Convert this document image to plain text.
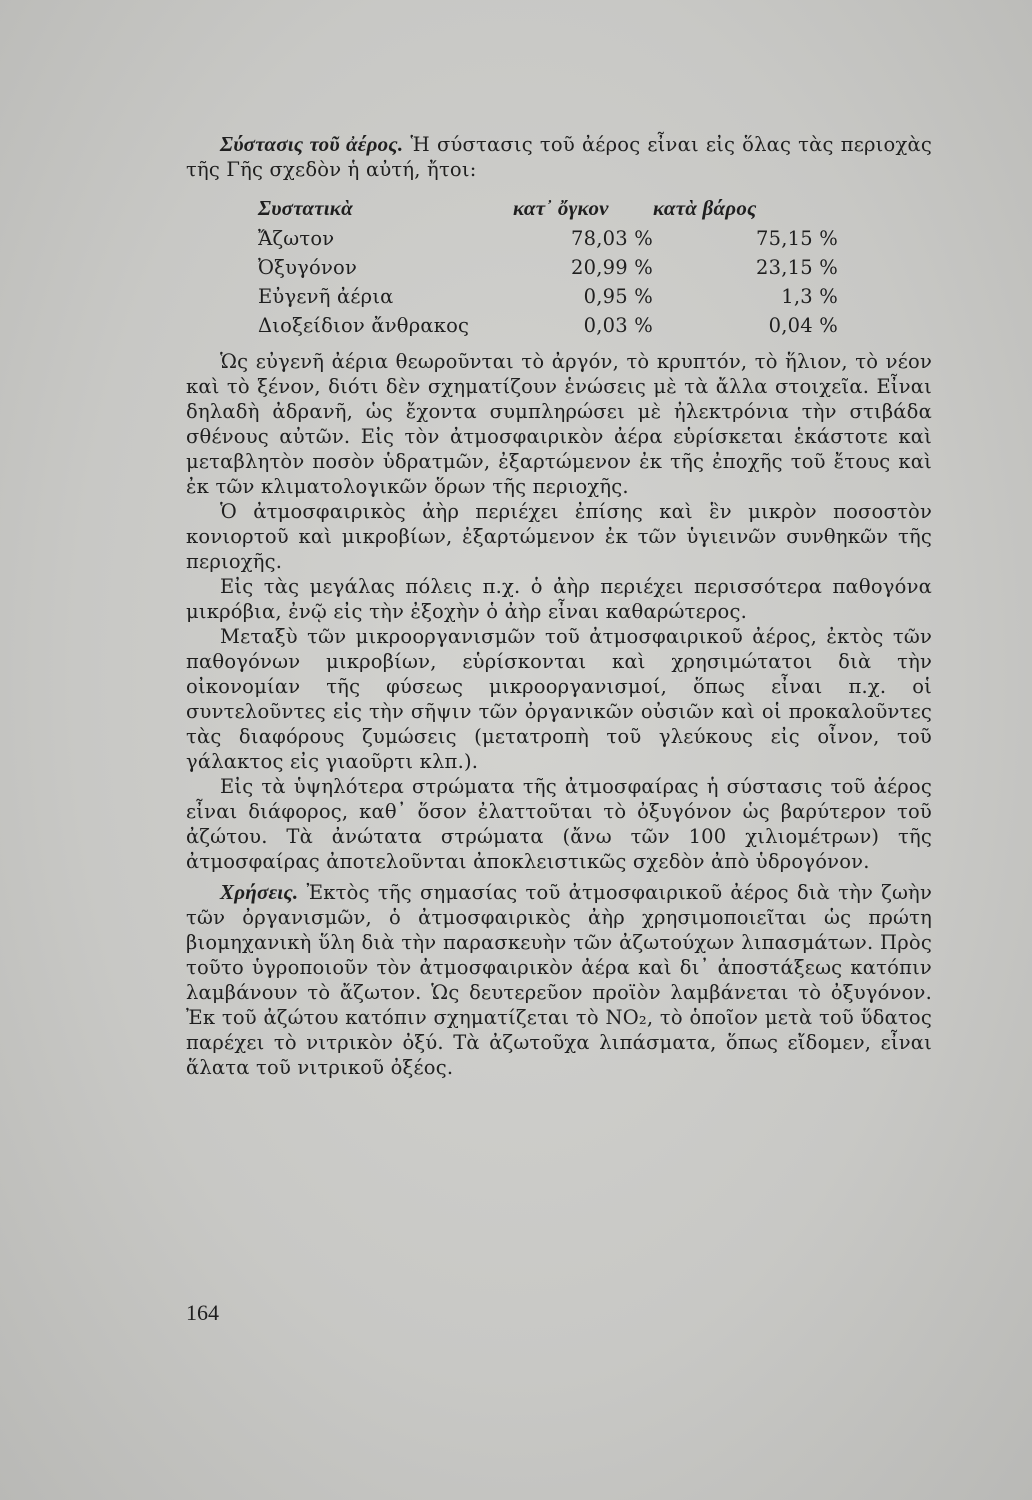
Σύστασις τοῦ ἀέρος. Ἡ σύστασις τοῦ ἀέρος εἶναι εἰς ὅλας τὰς περιοχὰς τῆς Γῆς σχεδὸν ἡ αὐτή, ἤτοι:

Συστατικὰ	κατ᾽ ὄγκον	κατὰ βάρος
Ἄζωτον	78,03 %	75,15 %
Ὀξυγόνον	20,99 %	23,15 %
Εὐγενῆ ἀέρια	0,95 %	1,3 %
Διοξείδιον ἄνθρακος	0,03 %	0,04 %

Ὡς εὐγενῆ ἀέρια θεωροῦνται τὸ ἀργόν, τὸ κρυπτόν, τὸ ἥλιον, τὸ νέον καὶ τὸ ξένον, διότι δὲν σχηματίζουν ἑνώσεις μὲ τὰ ἄλλα στοιχεῖα. Εἶναι δηλαδὴ ἀδρανῆ, ὡς ἔχοντα συμπληρώσει μὲ ἠλεκτρόνια τὴν στιβάδα σθένους αὐτῶν. Εἰς τὸν ἀτμοσφαιρικὸν ἀέρα εὑρίσκεται ἑκάστοτε καὶ μεταβλητὸν ποσὸν ὑδρατμῶν, ἐξαρτώμενον ἐκ τῆς ἐποχῆς τοῦ ἔτους καὶ ἐκ τῶν κλιματολογικῶν ὅρων τῆς περιοχῆς.

Ὁ ἀτμοσφαιρικὸς ἀὴρ περιέχει ἐπίσης καὶ ἓν μικρὸν ποσοστὸν κονιορτοῦ καὶ μικροβίων, ἐξαρτώμενον ἐκ τῶν ὑγιεινῶν συνθηκῶν τῆς περιοχῆς.

Εἰς τὰς μεγάλας πόλεις π.χ. ὁ ἀὴρ περιέχει περισσότερα παθογόνα μικρόβια, ἐνῷ εἰς τὴν ἐξοχὴν ὁ ἀὴρ εἶναι καθαρώτερος.

Μεταξὺ τῶν μικροοργανισμῶν τοῦ ἀτμοσφαιρικοῦ ἀέρος, ἐκτὸς τῶν παθογόνων μικροβίων, εὑρίσκονται καὶ χρησιμώτατοι διὰ τὴν οἰκονομίαν τῆς φύσεως μικροοργανισμοί, ὅπως εἶναι π.χ. οἱ συντελοῦντες εἰς τὴν σῆψιν τῶν ὀργανικῶν οὐσιῶν καὶ οἱ προκαλοῦντες τὰς διαφόρους ζυμώσεις (μετατροπὴ τοῦ γλεύκους εἰς οἶνον, τοῦ γάλακτος εἰς γιαοῦρτι κλπ.).

Εἰς τὰ ὑψηλότερα στρώματα τῆς ἀτμοσφαίρας ἡ σύστασις τοῦ ἀέρος εἶναι διάφορος, καθ᾽ ὅσον ἐλαττοῦται τὸ ὀξυγόνον ὡς βαρύτερον τοῦ ἀζώτου. Τὰ ἀνώτατα στρώματα (ἄνω τῶν 100 χιλιομέτρων) τῆς ἀτμοσφαίρας ἀποτελοῦνται ἀποκλειστικῶς σχεδὸν ἀπὸ ὑδρογόνον.

Χρήσεις. Ἐκτὸς τῆς σημασίας τοῦ ἀτμοσφαιρικοῦ ἀέρος διὰ τὴν ζωὴν τῶν ὀργανισμῶν, ὁ ἀτμοσφαιρικὸς ἀὴρ χρησιμοποιεῖται ὡς πρώτη βιομηχανικὴ ὕλη διὰ τὴν παρασκευὴν τῶν ἀζωτούχων λιπασμάτων. Πρὸς τοῦτο ὑγροποιοῦν τὸν ἀτμοσφαιρικὸν ἀέρα καὶ δι᾽ ἀποστάξεως κατόπιν λαμβάνουν τὸ ἄζωτον. Ὡς δευτερεῦον προϊὸν λαμβάνεται τὸ ὀξυγόνον. Ἐκ τοῦ ἀζώτου κατόπιν σχηματίζεται τὸ NO₂, τὸ ὁποῖον μετὰ τοῦ ὕδατος παρέχει τὸ νιτρικὸν ὀξύ. Τὰ ἀζωτοῦχα λιπάσματα, ὅπως εἴδομεν, εἶναι ἅλατα τοῦ νιτρικοῦ ὀξέος.

164
